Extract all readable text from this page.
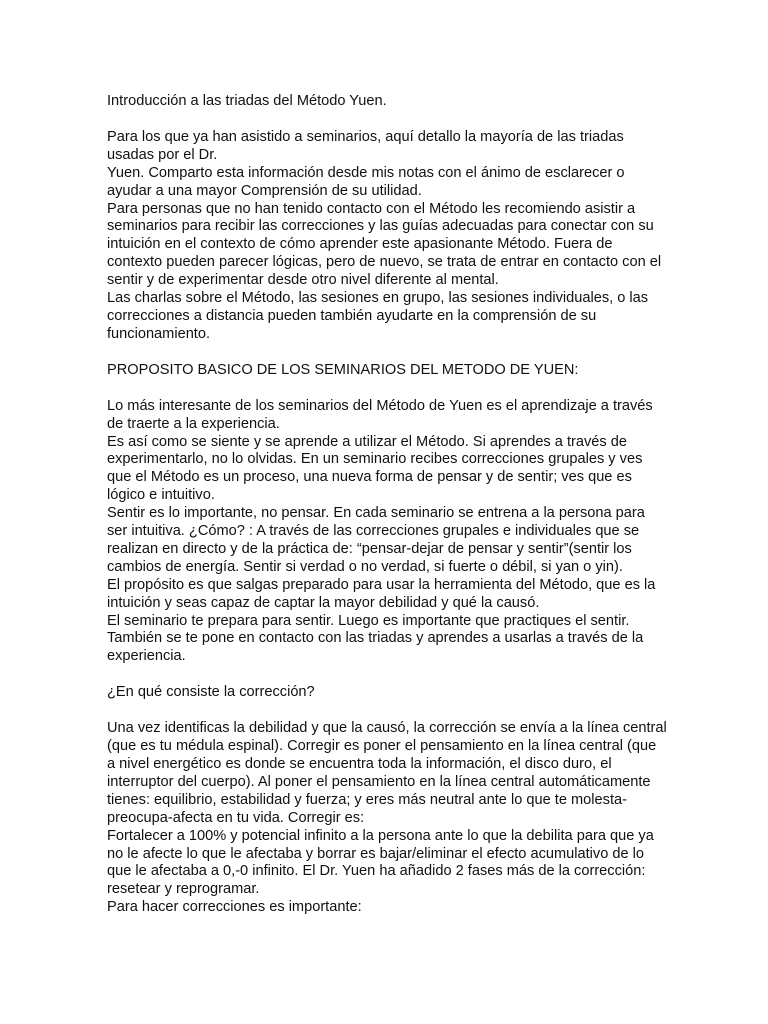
Introducción a las triadas del Método Yuen.

Para los que ya han asistido a seminarios, aquí detallo la mayoría de las triadas usadas por el Dr.

Yuen. Comparto esta información desde mis notas con el ánimo de esclarecer o ayudar a una mayor Comprensión de su utilidad.

Para personas que no han tenido contacto con el Método les recomiendo asistir a seminarios para recibir las correcciones y las guías adecuadas para conectar con su intuición en el contexto de cómo aprender este apasionante Método. Fuera de contexto pueden parecer lógicas, pero de nuevo, se trata de entrar en contacto con el sentir y de experimentar desde otro nivel diferente al mental.

Las charlas sobre el Método, las sesiones en grupo, las sesiones individuales, o las correcciones a distancia pueden también ayudarte en la comprensión de su funcionamiento.

PROPOSITO BASICO DE LOS SEMINARIOS DEL METODO DE YUEN:

Lo más interesante de los seminarios del Método de Yuen es el aprendizaje a través de traerte a la experiencia.

Es así como se siente y se aprende a utilizar el Método. Si aprendes a través de experimentarlo, no lo olvidas. En un seminario recibes correcciones grupales y ves que el Método es un proceso, una nueva forma de pensar y de sentir; ves que es lógico e intuitivo.

Sentir es lo importante, no pensar. En cada seminario se entrena a la persona para ser intuitiva. ¿Cómo? : A través de las correcciones grupales e individuales que se realizan en directo y de la práctica de: “pensar-dejar de pensar y sentir”(sentir los cambios de energía. Sentir si verdad o no verdad, si fuerte o débil, si yan o yin).

El propósito es que salgas preparado para usar la herramienta del Método, que es la intuición y seas capaz de captar la mayor debilidad y qué la causó.

El seminario te prepara para sentir. Luego es importante que practiques el sentir. También se te pone en contacto con las triadas y aprendes a usarlas a través de la experiencia.

¿En qué consiste la corrección?

Una vez identificas la debilidad y que la causó, la corrección se envía a la línea central (que es tu médula espinal). Corregir es poner el pensamiento en la línea central (que a nivel energético es donde se encuentra toda la información, el disco duro, el interruptor del cuerpo). Al poner el pensamiento en la línea central automáticamente tienes: equilibrio, estabilidad y fuerza; y eres más neutral ante lo que te molesta-preocupa-afecta en tu vida. Corregir es:

Fortalecer a 100% y potencial infinito a la persona ante lo que la debilita para que ya no le afecte lo que le afectaba y borrar es bajar/eliminar el efecto acumulativo de lo que le afectaba a 0,-0 infinito. El Dr. Yuen ha añadido 2 fases más de la corrección: resetear y reprogramar.

Para hacer correcciones es importante:
